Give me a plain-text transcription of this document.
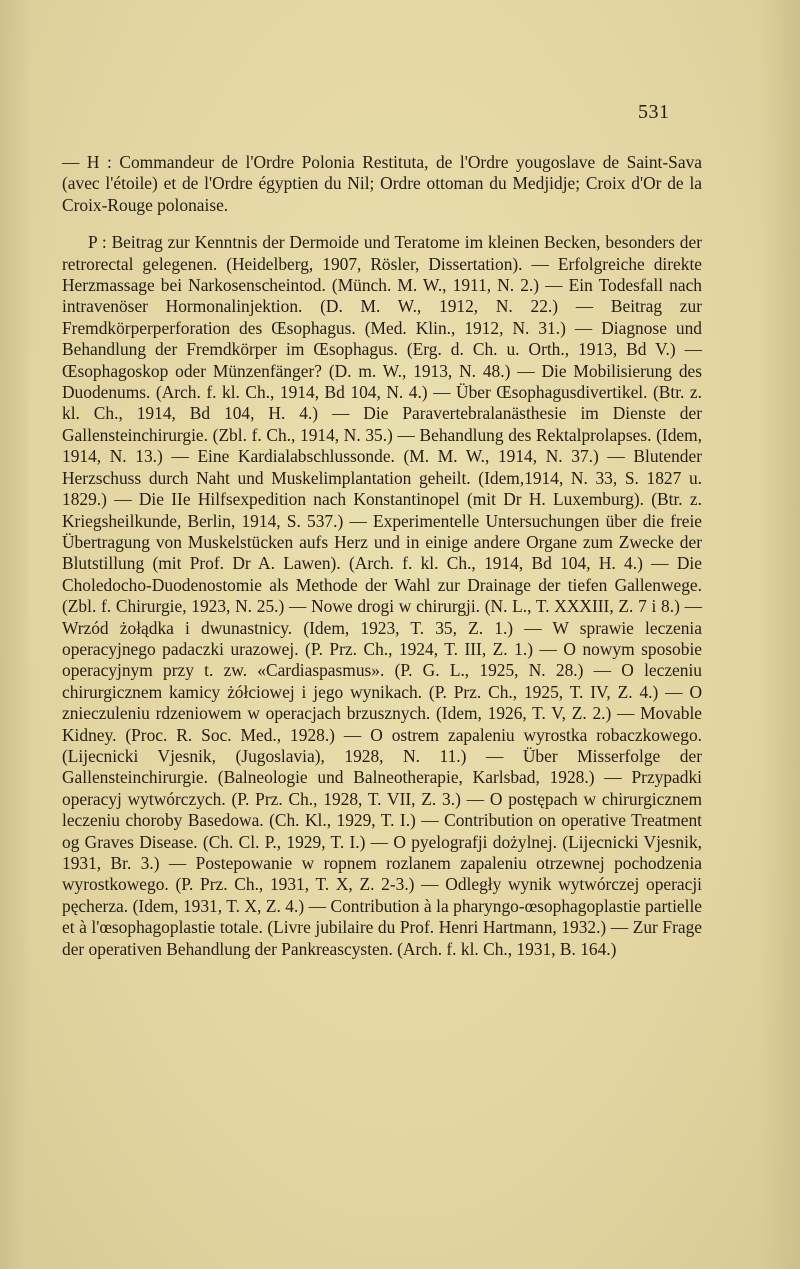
531

— H : Commandeur de l'Ordre Polonia Restituta, de l'Ordre yougoslave de Saint-Sava (avec l'étoile) et de l'Ordre égyptien du Nil; Ordre ottoman du Medjidje; Croix d'Or de la Croix-Rouge polonaise.

P : Beitrag zur Kenntnis der Dermoide und Teratome im kleinen Becken, besonders der retrorectal gelegenen. (Heidelberg, 1907, Rösler, Dissertation). — Erfolgreiche direkte Herzmassage bei Narkosenscheintod. (Münch. M. W., 1911, N. 2.) — Ein Todesfall nach intravenöser Hormonalinjektion. (D. M. W., 1912, N. 22.) — Beitrag zur Fremdkörperperforation des Œsophagus. (Med. Klin., 1912, N. 31.) — Diagnose und Behandlung der Fremdkörper im Œsophagus. (Erg. d. Ch. u. Orth., 1913, Bd V.) — Œsophagoskop oder Münzenfänger? (D. m. W., 1913, N. 48.) — Die Mobilisierung des Duodenums. (Arch. f. kl. Ch., 1914, Bd 104, N. 4.) — Über Œsophagusdivertikel. (Btr. z. kl. Ch., 1914, Bd 104, H. 4.) — Die Paravertebralanästhesie im Dienste der Gallensteinchirurgie. (Zbl. f. Ch., 1914, N. 35.) — Behandlung des Rektalprolapses. (Idem, 1914, N. 13.) — Eine Kardialabschlussonde. (M. M. W., 1914, N. 37.) — Blutender Herzschuss durch Naht und Muskelimplantation geheilt. (Idem,1914, N. 33, S. 1827 u. 1829.) — Die IIe Hilfsexpedition nach Konstantinopel (mit Dr H. Luxemburg). (Btr. z. Kriegsheilkunde, Berlin, 1914, S. 537.) — Experimentelle Untersuchungen über die freie Übertragung von Muskelstücken aufs Herz und in einige andere Organe zum Zwecke der Blutstillung (mit Prof. Dr A. Lawen). (Arch. f. kl. Ch., 1914, Bd 104, H. 4.) — Die Choledocho-Duodenostomie als Methode der Wahl zur Drainage der tiefen Gallenwege. (Zbl. f. Chirurgie, 1923, N. 25.) — Nowe drogi w chirurgji. (N. L., T. XXXIII, Z. 7 i 8.) — Wrzód żołądka i dwunastnicy. (Idem, 1923, T. 35, Z. 1.) — W sprawie leczenia operacyjnego padaczki urazowej. (P. Prz. Ch., 1924, T. III, Z. 1.) — O nowym sposobie operacyjnym przy t. zw. «Cardiaspasmus». (P. G. L., 1925, N. 28.) — O leczeniu chirurgicznem kamicy żółciowej i jego wynikach. (P. Prz. Ch., 1925, T. IV, Z. 4.) — O znieczuleniu rdzeniowem w operacjach brzusznych. (Idem, 1926, T. V, Z. 2.) — Movable Kidney. (Proc. R. Soc. Med., 1928.) — O ostrem zapaleniu wyrostka robaczkowego. (Lijecnicki Vjesnik, (Jugoslavia), 1928, N. 11.) — Über Misserfolge der Gallensteinchirurgie. (Balneologie und Balneotherapie, Karlsbad, 1928.) — Przypadki operacyj wytwórczych. (P. Prz. Ch., 1928, T. VII, Z. 3.) — O postępach w chirurgicznem leczeniu choroby Basedowa. (Ch. Kl., 1929, T. I.) — Contribution on operative Treatment og Graves Disease. (Ch. Cl. P., 1929, T. I.) — O pyelografji dożylnej. (Lijecnicki Vjesnik, 1931, Br. 3.) — Postepowanie w ropnem rozlanem zapaleniu otrzewnej pochodzenia wyrostkowego. (P. Prz. Ch., 1931, T. X, Z. 2-3.) — Odległy wynik wytwórczej operacji pęcherza. (Idem, 1931, T. X, Z. 4.) — Contribution à la pharyngo-œsophagoplastie partielle et à l'œsophagoplastie totale. (Livre jubilaire du Prof. Henri Hartmann, 1932.) — Zur Frage der operativen Behandlung der Pankreascysten. (Arch. f. kl. Ch., 1931, B. 164.)
